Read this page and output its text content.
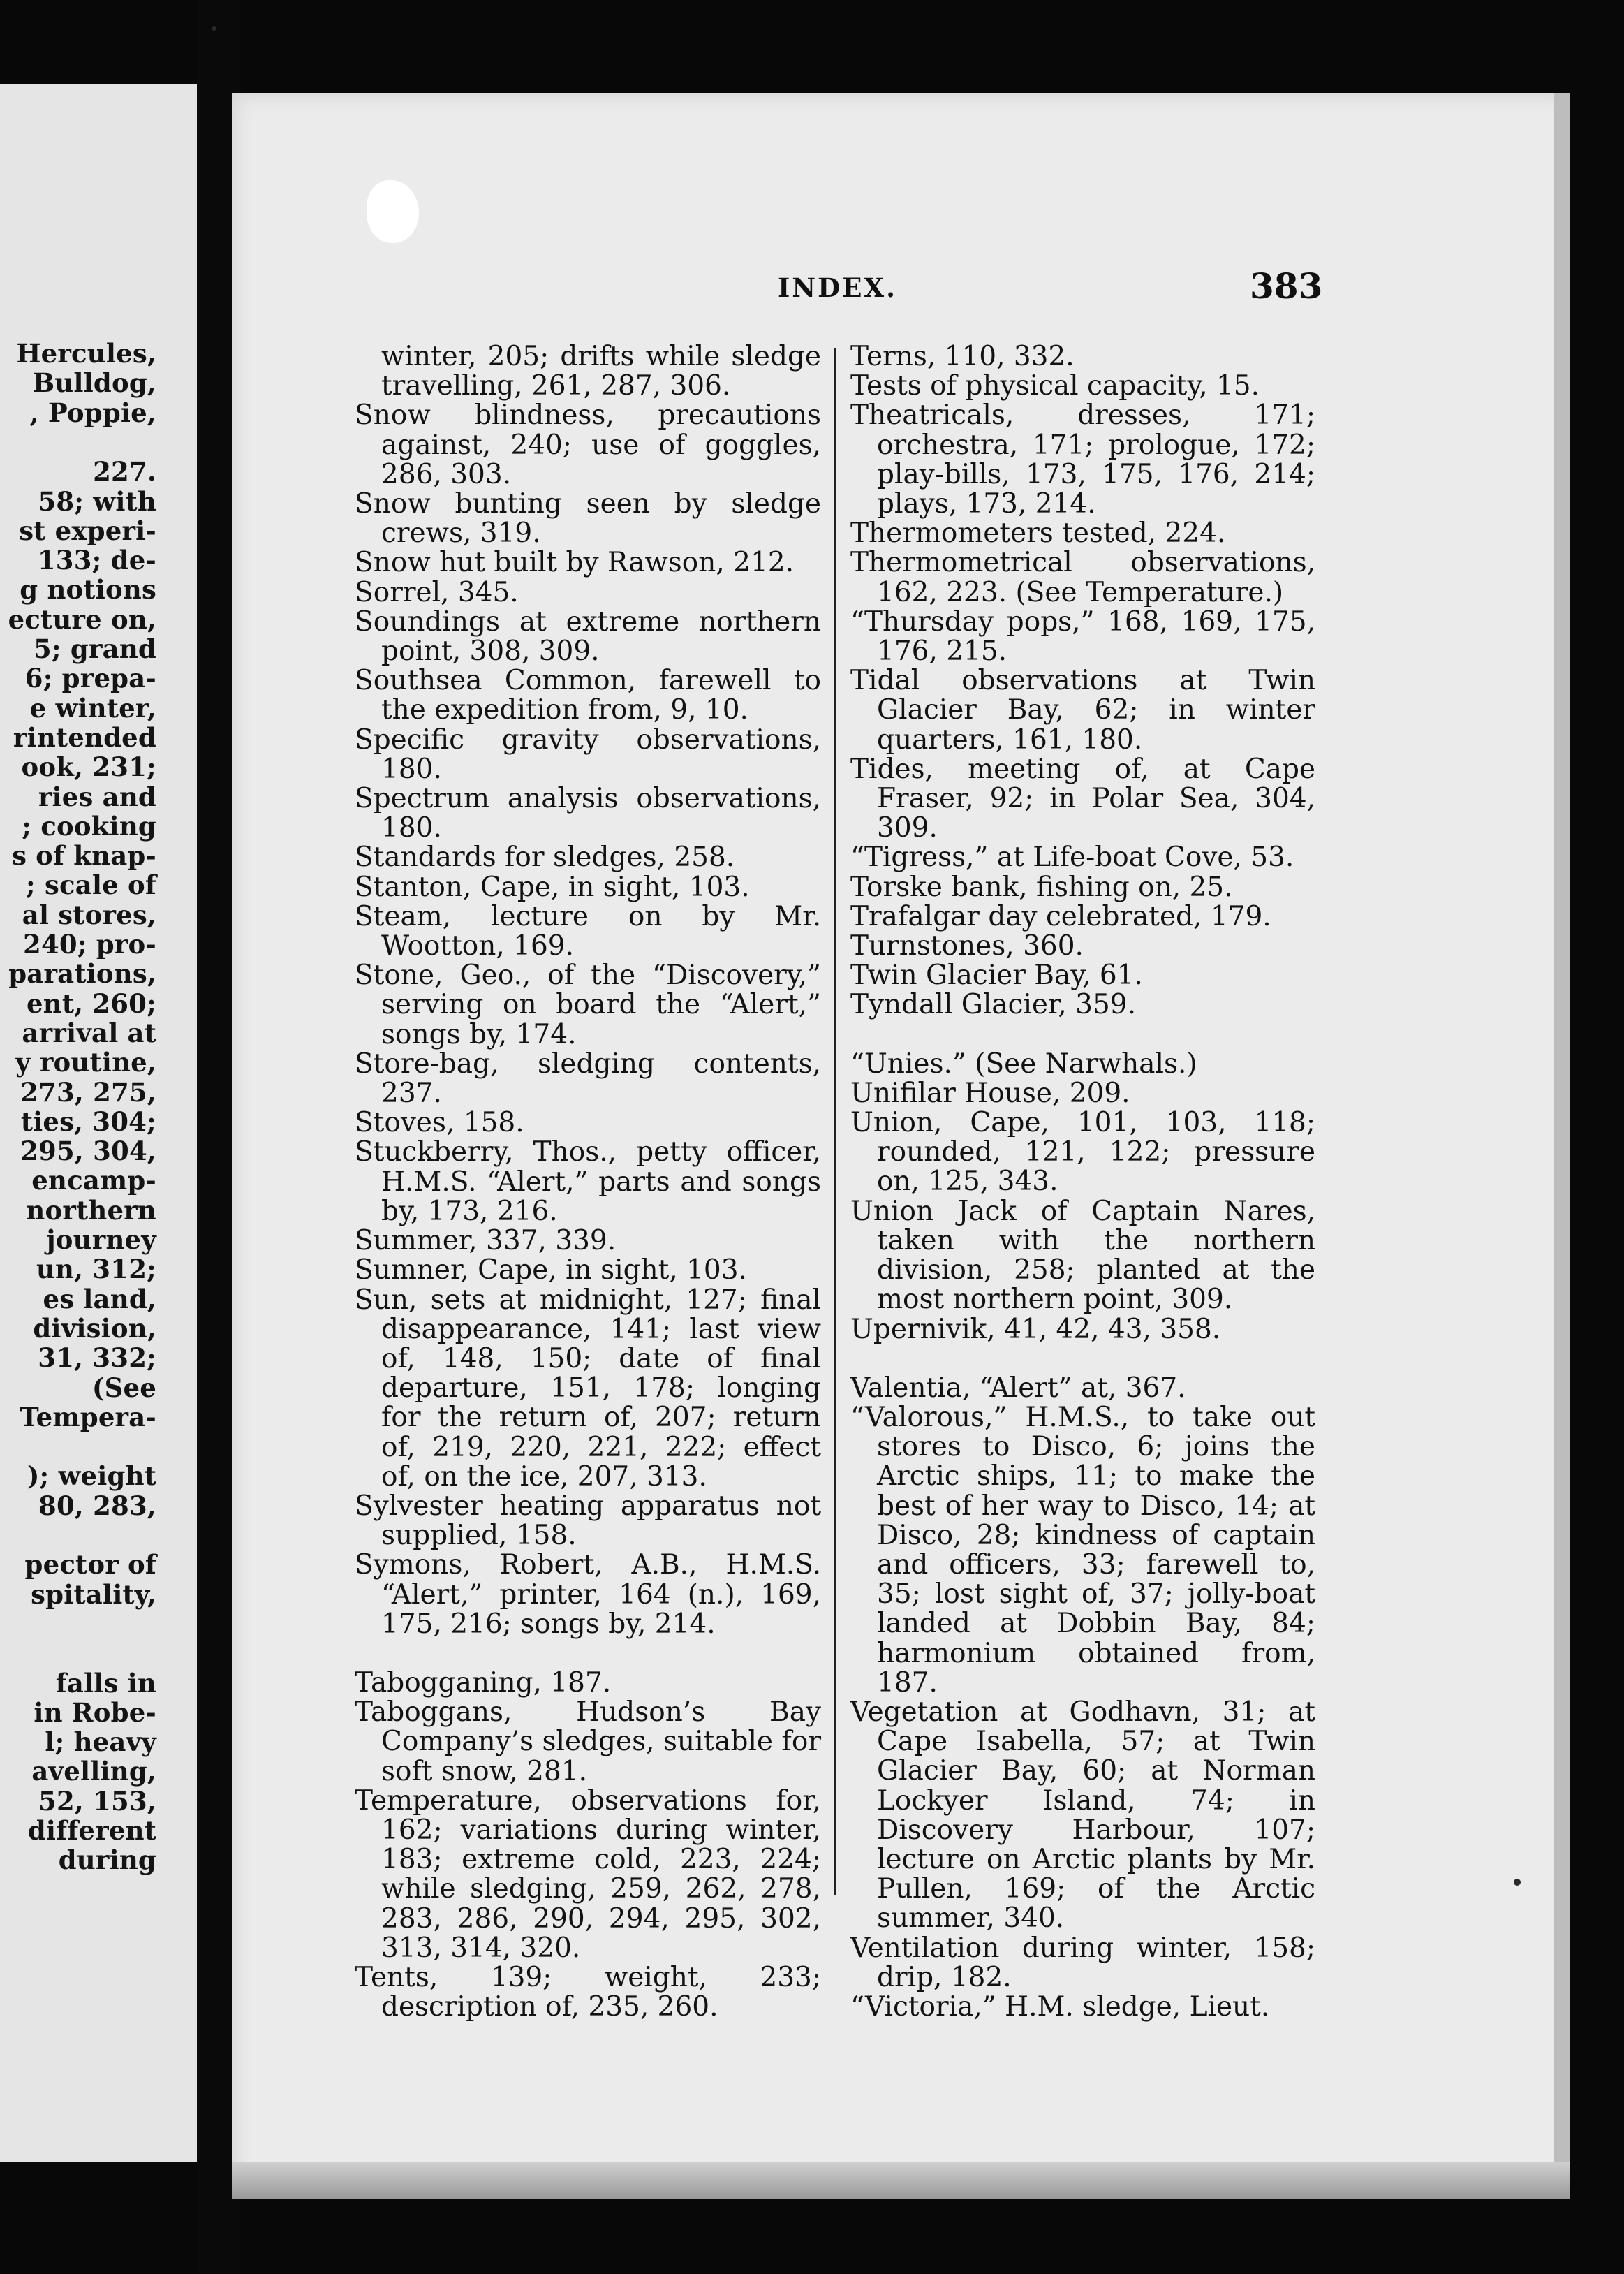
Hercules,
Bulldog,
, Poppie,
227.
58; with
st experi-
133; de-
g notions
ecture on,
5; grand
6; prepa-
e winter,
rintended
ook, 231;
ries and
; cooking
s of knap-
; scale of
al stores,
240; pro-
parations,
ent, 260;
arrival at
y routine,
273, 275,
ties, 304;
295, 304,
encamp-
northern
journey
un, 312;
es land,
division,
31, 332;
(See
Tempera-
); weight
80, 283,
pector of
spitality,
falls in
in Robe-
l; heavy
avelling,
52, 153,
different
during
INDEX.	383

winter, 205; drifts while sledge travelling, 261, 287, 306.

Snow blindness, precautions against, 240; use of goggles, 286, 303.

Snow bunting seen by sledge crews, 319.

Snow hut built by Rawson, 212.

Sorrel, 345.

Soundings at extreme northern point, 308, 309.

Southsea Common, farewell to the expedition from, 9, 10.

Specific gravity observations, 180.

Spectrum analysis observations, 180.

Standards for sledges, 258.

Stanton, Cape, in sight, 103.

Steam, lecture on by Mr. Wootton, 169.

Stone, Geo., of the “Discovery,” serving on board the “Alert,” songs by, 174.

Store-bag, sledging contents, 237.

Stoves, 158.

Stuckberry, Thos., petty officer, H.M.S. “Alert,” parts and songs by, 173, 216.

Summer, 337, 339.

Sumner, Cape, in sight, 103.

Sun, sets at midnight, 127; final disappearance, 141; last view of, 148, 150; date of final departure, 151, 178; longing for the return of, 207; return of, 219, 220, 221, 222; effect of, on the ice, 207, 313.

Sylvester heating apparatus not supplied, 158.

Symons, Robert, A.B., H.M.S. “Alert,” printer, 164 (n.), 169, 175, 216; songs by, 214.

Tabogganing, 187.

Taboggans, Hudson’s Bay Company’s sledges, suitable for soft snow, 281.

Temperature, observations for, 162; variations during winter, 183; extreme cold, 223, 224; while sledging, 259, 262, 278, 283, 286, 290, 294, 295, 302, 313, 314, 320.

Tents, 139; weight, 233; description of, 235, 260.

Terns, 110, 332.

Tests of physical capacity, 15.

Theatricals, dresses, 171; orchestra, 171; prologue, 172; play-bills, 173, 175, 176, 214; plays, 173, 214.

Thermometers tested, 224.

Thermometrical observations, 162, 223. (See Temperature.)

“Thursday pops,” 168, 169, 175, 176, 215.

Tidal observations at Twin Glacier Bay, 62; in winter quarters, 161, 180.

Tides, meeting of, at Cape Fraser, 92; in Polar Sea, 304, 309.

“Tigress,” at Life-boat Cove, 53.

Torske bank, fishing on, 25.

Trafalgar day celebrated, 179.

Turnstones, 360.

Twin Glacier Bay, 61.

Tyndall Glacier, 359.

“Unies.” (See Narwhals.)

Unifilar House, 209.

Union, Cape, 101, 103, 118; rounded, 121, 122; pressure on, 125, 343.

Union Jack of Captain Nares, taken with the northern division, 258; planted at the most northern point, 309.

Upernivik, 41, 42, 43, 358.

Valentia, “Alert” at, 367.

“Valorous,” H.M.S., to take out stores to Disco, 6; joins the Arctic ships, 11; to make the best of her way to Disco, 14; at Disco, 28; kindness of captain and officers, 33; farewell to, 35; lost sight of, 37; jolly-boat landed at Dobbin Bay, 84; harmonium obtained from, 187.

Vegetation at Godhavn, 31; at Cape Isabella, 57; at Twin Glacier Bay, 60; at Norman Lockyer Island, 74; in Discovery Harbour, 107; lecture on Arctic plants by Mr. Pullen, 169; of the Arctic summer, 340.

Ventilation during winter, 158; drip, 182.

“Victoria,” H.M. sledge, Lieut.
